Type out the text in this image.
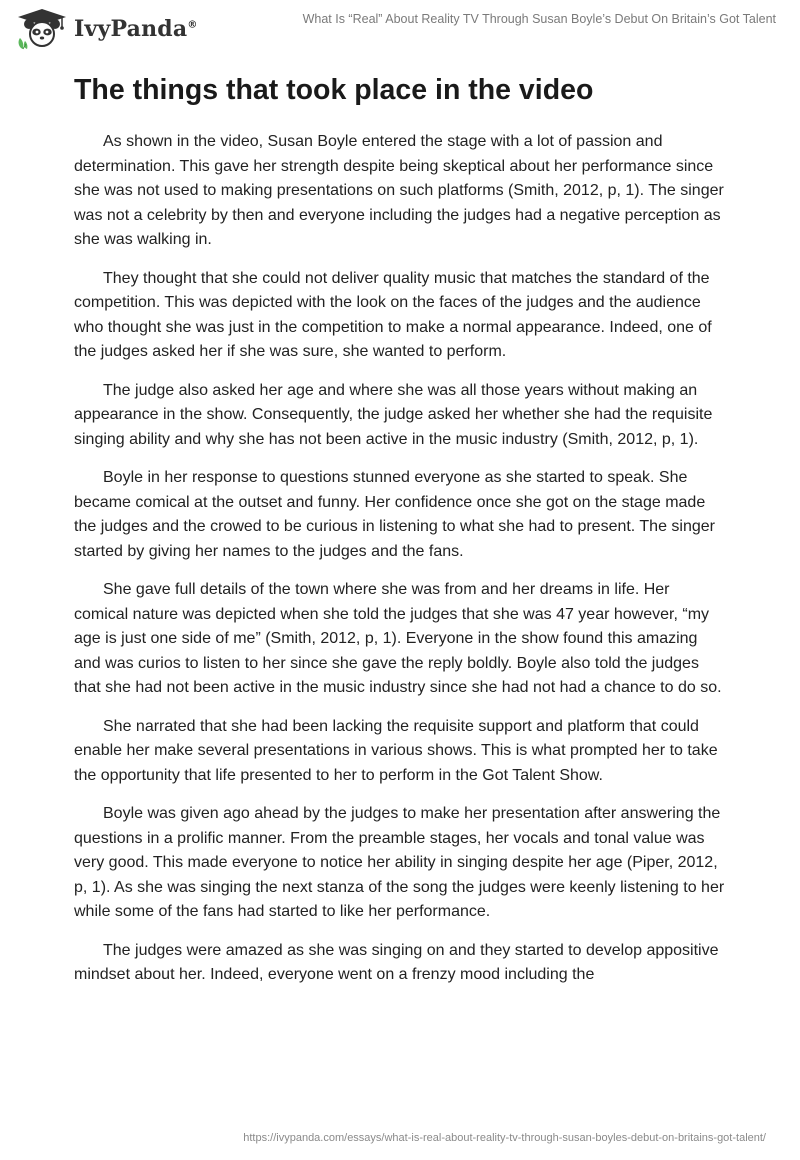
IvyPanda®	What Is “Real” About Reality TV Through Susan Boyle’s Debut On Britain’s Got Talent
The things that took place in the video

As shown in the video, Susan Boyle entered the stage with a lot of passion and determination. This gave her strength despite being skeptical about her performance since she was not used to making presentations on such platforms (Smith, 2012, p, 1). The singer was not a celebrity by then and everyone including the judges had a negative perception as she was walking in.

They thought that she could not deliver quality music that matches the standard of the competition. This was depicted with the look on the faces of the judges and the audience who thought she was just in the competition to make a normal appearance. Indeed, one of the judges asked her if she was sure, she wanted to perform.

The judge also asked her age and where she was all those years without making an appearance in the show. Consequently, the judge asked her whether she had the requisite singing ability and why she has not been active in the music industry (Smith, 2012, p, 1).

Boyle in her response to questions stunned everyone as she started to speak. She became comical at the outset and funny. Her confidence once she got on the stage made the judges and the crowed to be curious in listening to what she had to present. The singer started by giving her names to the judges and the fans.

She gave full details of the town where she was from and her dreams in life. Her comical nature was depicted when she told the judges that she was 47 year however, “my age is just one side of me” (Smith, 2012, p, 1). Everyone in the show found this amazing and was curios to listen to her since she gave the reply boldly. Boyle also told the judges that she had not been active in the music industry since she had not had a chance to do so.

She narrated that she had been lacking the requisite support and platform that could enable her make several presentations in various shows. This is what prompted her to take the opportunity that life presented to her to perform in the Got Talent Show.

Boyle was given ago ahead by the judges to make her presentation after answering the questions in a prolific manner. From the preamble stages, her vocals and tonal value was very good. This made everyone to notice her ability in singing despite her age (Piper, 2012, p, 1). As she was singing the next stanza of the song the judges were keenly listening to her while some of the fans had started to like her performance.

The judges were amazed as she was singing on and they started to develop appositive mindset about her. Indeed, everyone went on a frenzy mood including the

https://ivypanda.com/essays/what-is-real-about-reality-tv-through-susan-boyles-debut-on-britains-got-talent/
